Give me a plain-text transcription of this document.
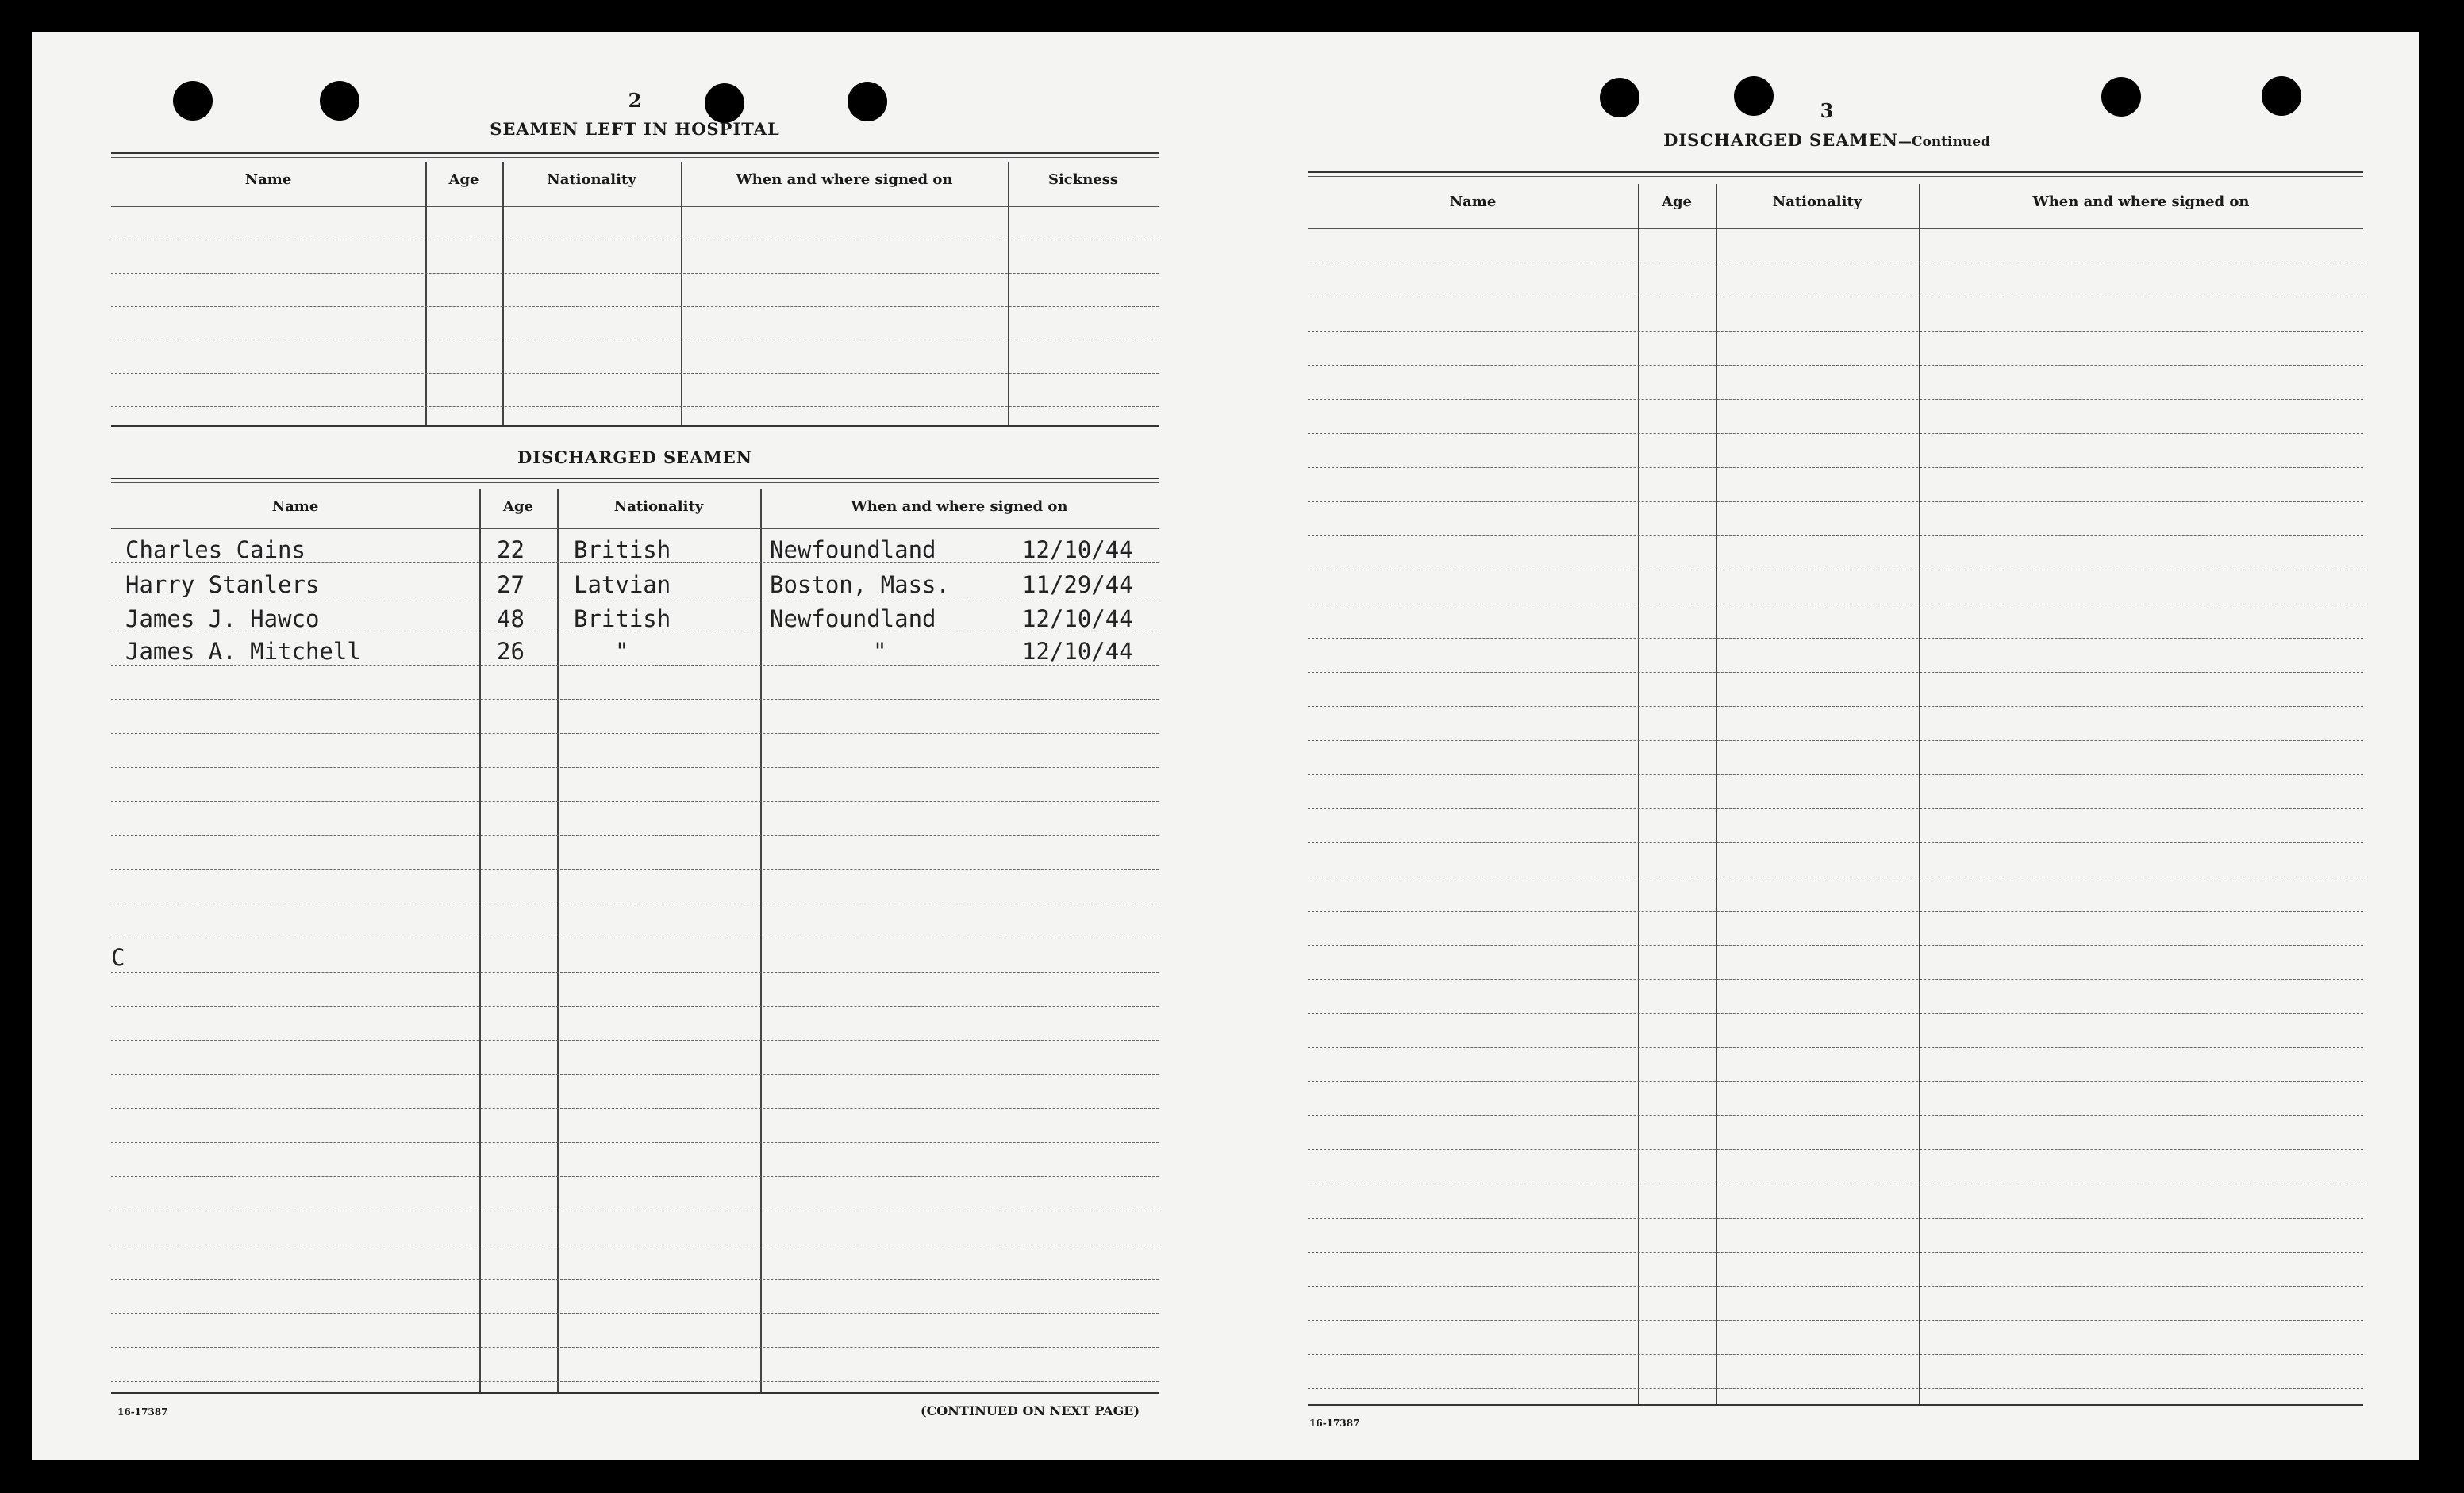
2
SEAMEN LEFT IN HOSPITAL
DISCHARGED SEAMEN
C
16-17387	(CONTINUED ON NEXT PAGE)
Name	Age	Nationality	When and where signed on	Sickness
Name	Age	Nationality	When and where signed on
Charles Cains	22 British	Newfoundland	12/10/44
Harry Stanlers	27 Latvian	Boston, Mass.	11/29/44
James J. Hawco	48 British	Newfoundland	12/10/44
James A. Mitchell	26	"	"	12/10/44
3
DISCHARGED SEAMEN—Continued
16-17387
Name	Age	Nationality	When and where signed on
